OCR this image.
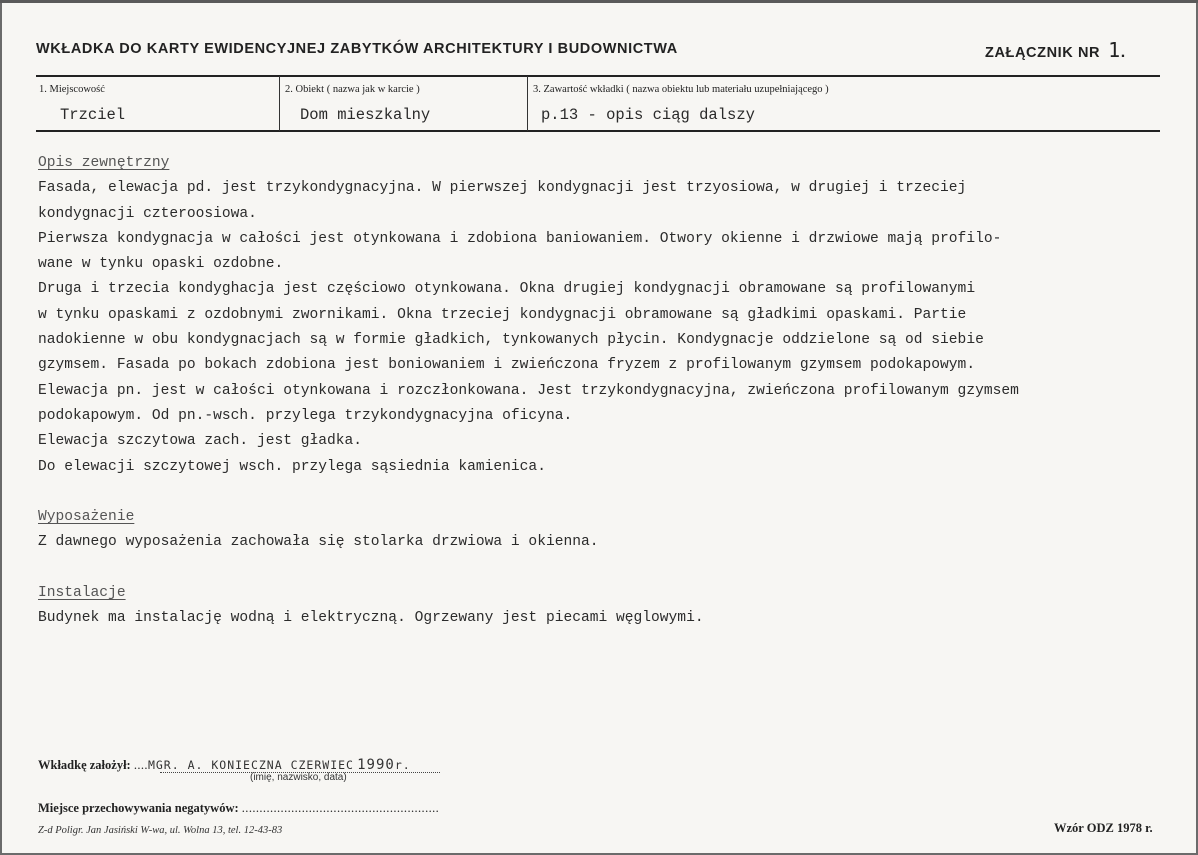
WKŁADKA DO KARTY EWIDENCYJNEJ ZABYTKÓW ARCHITEKTURY I BUDOWNICTWA	ZAŁĄCZNIK NR 1.
1. Miejscowość
Trzciel
2. Obiekt ( nazwa jak w karcie )
Dom mieszkalny
3. Zawartość wkładki ( nazwa obiektu lub materiału uzupełniającego )
p.13 - opis ciąg dalszy
Opis zewnętrzny
Fasada, elewacja pd. jest trzykondygnacyjna. W pierwszej kondygnacji jest trzyosiowa, w drugiej i trzeciej
kondygnacji czteroosiowa.
Pierwsza kondygnacja w całości jest otynkowana i zdobiona baniowaniem. Otwory okienne i drzwiowe mają profilo-
wane w tynku opaski ozdobne.
Druga i trzecia kondyghacja jest częściowo otynkowana. Okna drugiej kondygnacji obramowane są profilowanymi
w tynku opaskami z ozdobnymi zwornikami. Okna trzeciej kondygnacji obramowane są gładkimi opaskami. Partie
nadokienne w obu kondygnacjach są w formie gładkich, tynkowanych płycin. Kondygnacje oddzielone są od siebie
gzymsem. Fasada po bokach zdobiona jest boniowaniem i zwieńczona fryzem z profilowanym gzymsem podokapowym.
Elewacja pn. jest w całości otynkowana i rozczłonkowana. Jest trzykondygnacyjna, zwieńczona profilowanym gzymsem
podokapowym. Od pn.-wsch. przylega trzykondygnacyjna oficyna.
Elewacja szczytowa zach. jest gładka.
Do elewacji szczytowej wsch. przylega sąsiednia kamienica.
Wyposażenie
Z dawnego wyposażenia zachowała się stolarka drzwiowa i okienna.
Instalacje
Budynek ma instalację wodną i elektryczną. Ogrzewany jest piecami węglowymi.
Wkładkę założył: ....MGR. A. KONIECZNA CZERWIEC 1990r.
(imię, nazwisko, data)
Miejsce przechowywania negatywów: ........................................................
Z-d Poligr. Jan Jasiński W-wa, ul. Wolna 13, tel. 12-43-83	Wzór ODZ 1978 r.
